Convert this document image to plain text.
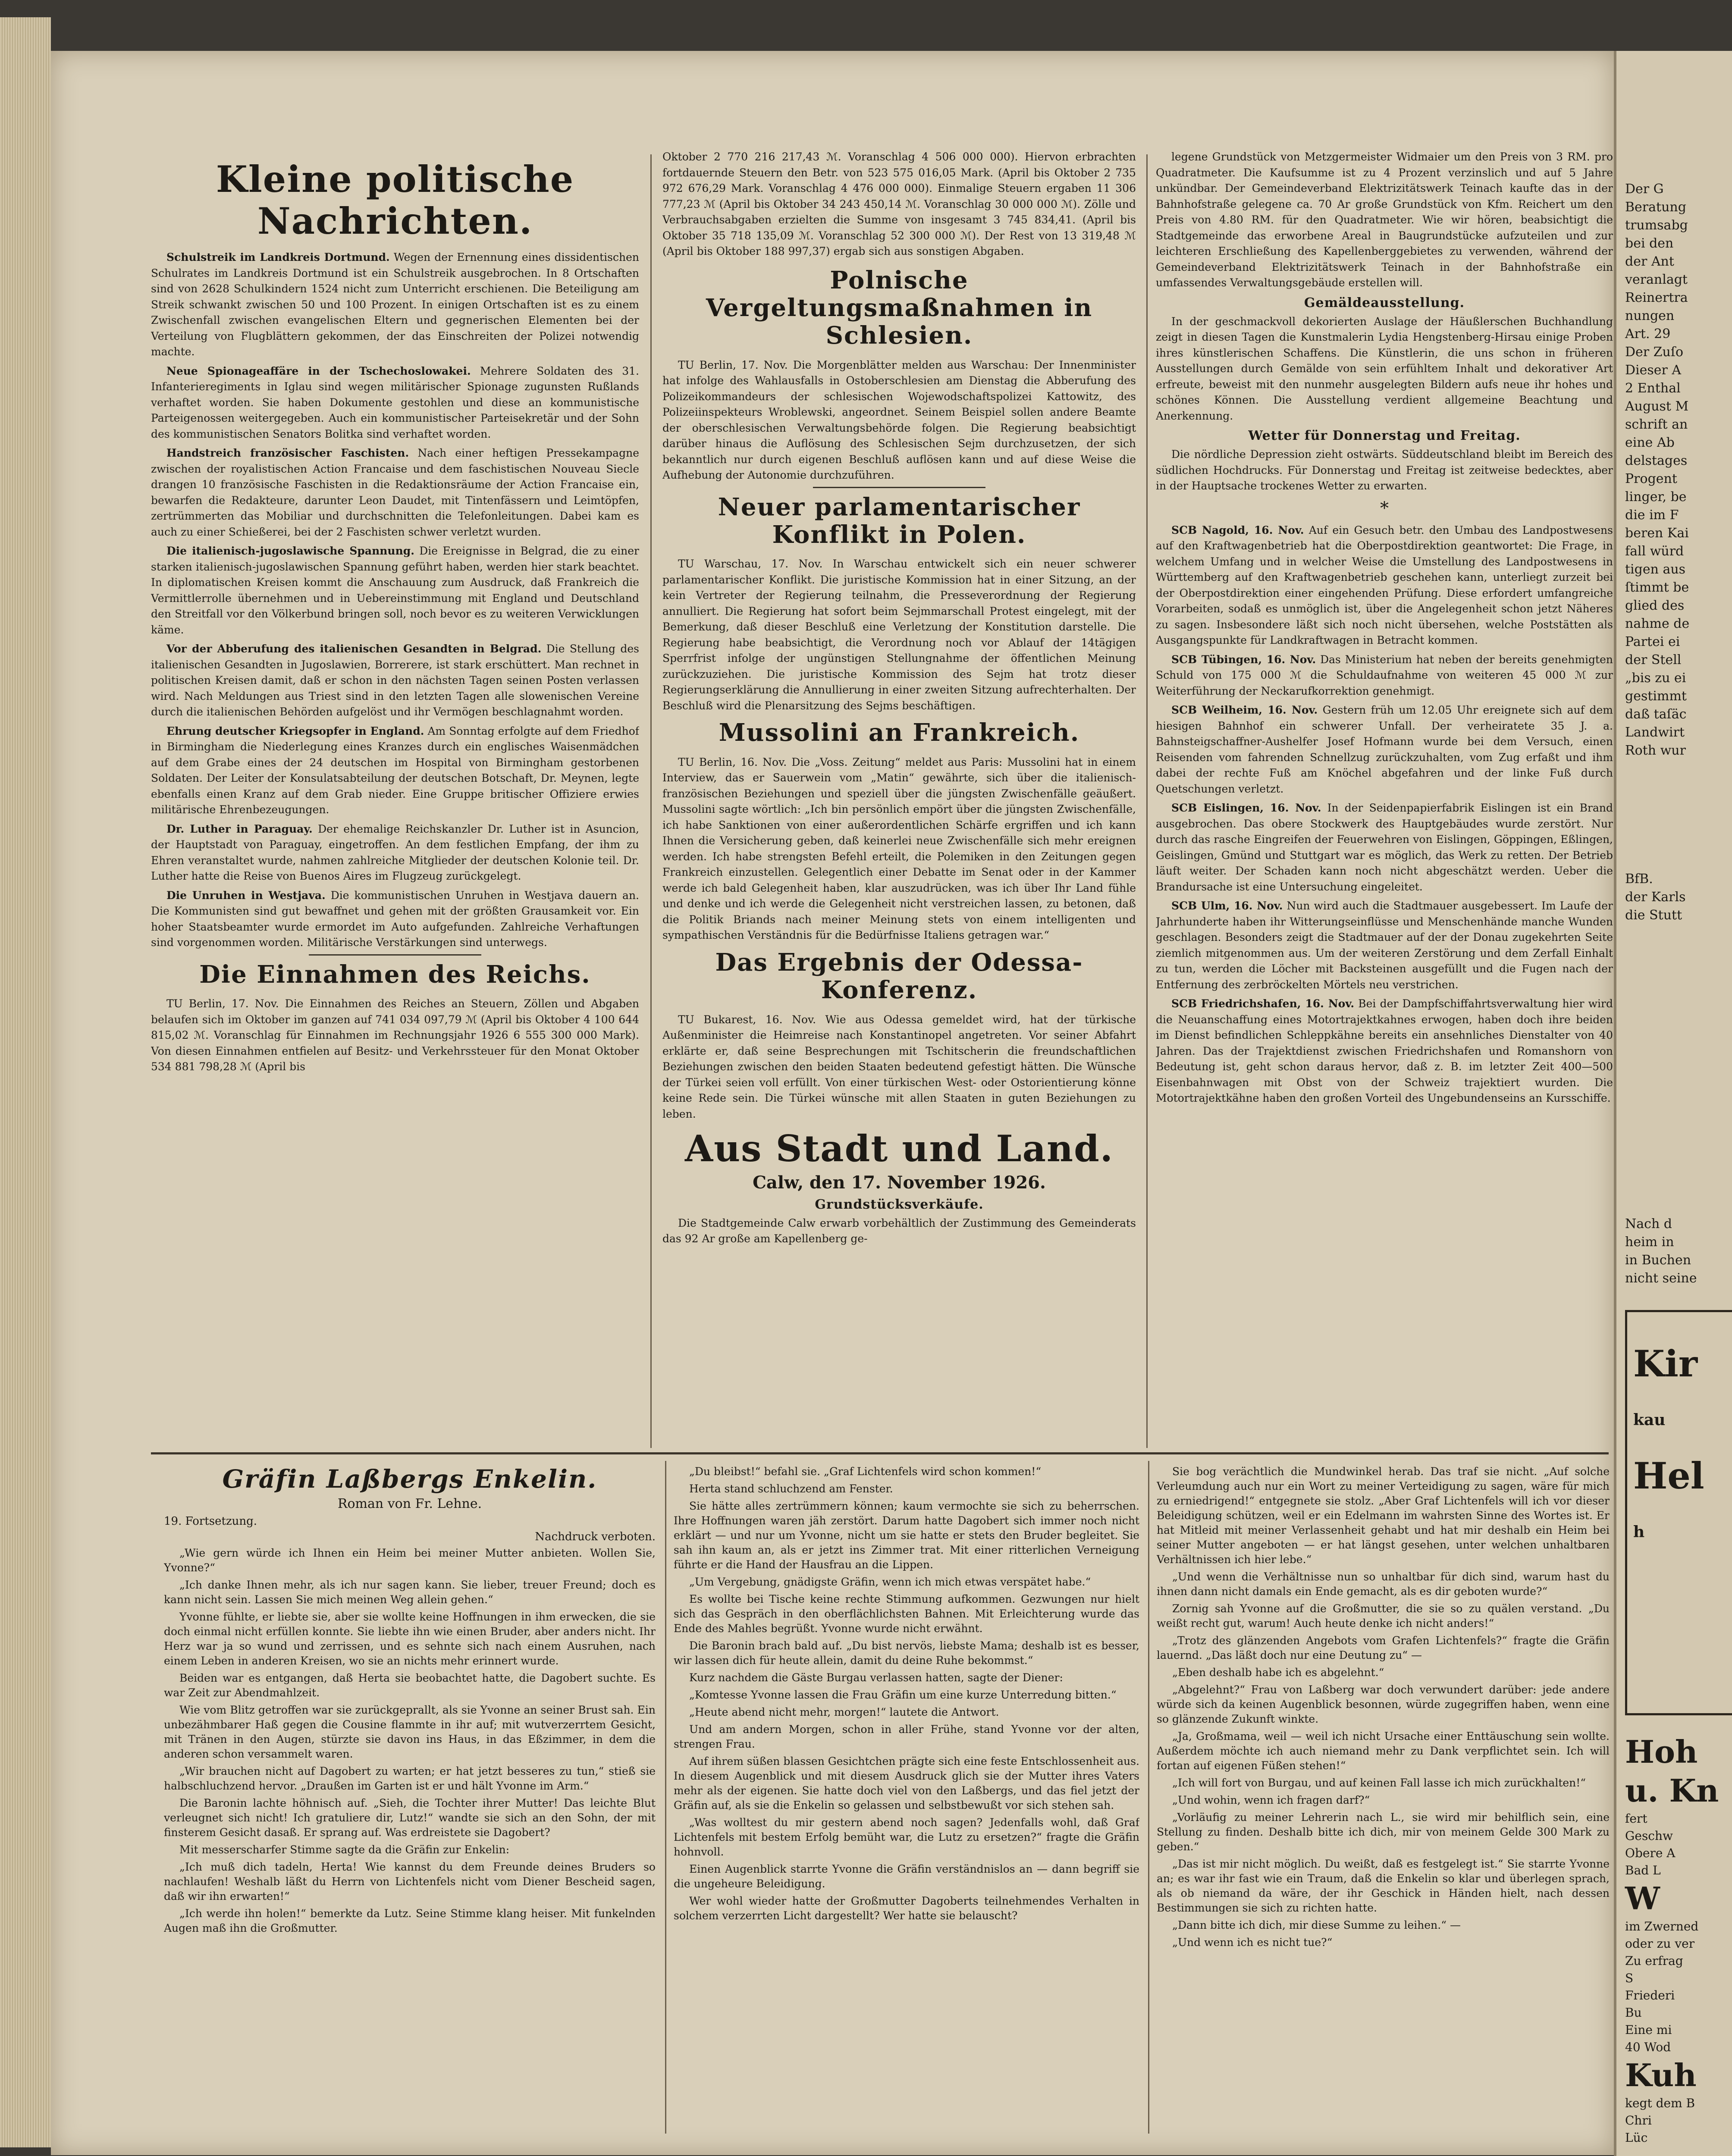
Kleine politische Nachrichten.

Schulstreik im Landkreis Dortmund. Wegen der Ernennung eines dissidentischen Schulrates im Landkreis Dortmund ist ein Schulstreik ausgebrochen. In 8 Ortschaften sind von 2628 Schulkindern 1524 nicht zum Unterricht erschienen. Die Beteiligung am Streik schwankt zwischen 50 und 100 Prozent. In einigen Ortschaften ist es zu einem Zwischenfall zwischen evangelischen Eltern und gegnerischen Elementen bei der Verteilung von Flugblättern gekommen, der das Einschreiten der Polizei notwendig machte.

Neue Spionageaffäre in der Tschechoslowakei. Mehrere Soldaten des 31. Infanterieregiments in Iglau sind wegen militärischer Spionage zugunsten Rußlands verhaftet worden. Sie haben Dokumente gestohlen und diese an kommunistische Parteigenossen weitergegeben. Auch ein kommunistischer Parteisekretär und der Sohn des kommunistischen Senators Bolitka sind verhaftet worden.

Handstreich französischer Faschisten. Nach einer heftigen Pressekampagne zwischen der royalistischen Action Francaise und dem faschistischen Nouveau Siecle drangen 10 französische Faschisten in die Redaktionsräume der Action Francaise ein, bewarfen die Redakteure, darunter Leon Daudet, mit Tintenfässern und Leimtöpfen, zertrümmerten das Mobiliar und durchschnitten die Telefonleitungen. Dabei kam es auch zu einer Schießerei, bei der 2 Faschisten schwer verletzt wurden.

Die italienisch-jugoslawische Spannung. Die Ereignisse in Belgrad, die zu einer starken italienisch-jugoslawischen Spannung geführt haben, werden hier stark beachtet. In diplomatischen Kreisen kommt die Anschauung zum Ausdruck, daß Frankreich die Vermittlerrolle übernehmen und in Uebereinstimmung mit England und Deutschland den Streitfall vor den Völkerbund bringen soll, noch bevor es zu weiteren Verwicklungen käme.

Vor der Abberufung des italienischen Gesandten in Belgrad. Die Stellung des italienischen Gesandten in Jugoslawien, Borrerere, ist stark erschüttert. Man rechnet in politischen Kreisen damit, daß er schon in den nächsten Tagen seinen Posten verlassen wird. Nach Meldungen aus Triest sind in den letzten Tagen alle slowenischen Vereine durch die italienischen Behörden aufgelöst und ihr Vermögen beschlagnahmt worden.

Ehrung deutscher Kriegsopfer in England. Am Sonntag erfolgte auf dem Friedhof in Birmingham die Niederlegung eines Kranzes durch ein englisches Waisenmädchen auf dem Grabe eines der 24 deutschen im Hospital von Birmingham gestorbenen Soldaten. Der Leiter der Konsulatsabteilung der deutschen Botschaft, Dr. Meynen, legte ebenfalls einen Kranz auf dem Grab nieder. Eine Gruppe britischer Offiziere erwies militärische Ehrenbezeugungen.

Dr. Luther in Paraguay. Der ehemalige Reichskanzler Dr. Luther ist in Asuncion, der Hauptstadt von Paraguay, eingetroffen. An dem festlichen Empfang, der ihm zu Ehren veranstaltet wurde, nahmen zahlreiche Mitglieder der deutschen Kolonie teil. Dr. Luther hatte die Reise von Buenos Aires im Flugzeug zurückgelegt.

Die Unruhen in Westjava. Die kommunistischen Unruhen in Westjava dauern an. Die Kommunisten sind gut bewaffnet und gehen mit der größten Grausamkeit vor. Ein hoher Staatsbeamter wurde ermordet im Auto aufgefunden. Zahlreiche Verhaftungen sind vorgenommen worden. Militärische Verstärkungen sind unterwegs.

Die Einnahmen des Reichs.

TU Berlin, 17. Nov. Die Einnahmen des Reiches an Steuern, Zöllen und Abgaben belaufen sich im Oktober im ganzen auf 741 034 097,79 ℳ (April bis Oktober 4 100 644 815,02 ℳ. Voranschlag für Einnahmen im Rechnungsjahr 1926 6 555 300 000 Mark). Von diesen Einnahmen entfielen auf Besitz- und Verkehrssteuer für den Monat Oktober 534 881 798,28 ℳ (April bis

Oktober 2 770 216 217,43 ℳ. Voranschlag 4 506 000 000). Hiervon erbrachten fortdauernde Steuern den Betr. von 523 575 016,05 Mark. (April bis Oktober 2 735 972 676,29 Mark. Voranschlag 4 476 000 000). Einmalige Steuern ergaben 11 306 777,23 ℳ (April bis Oktober 34 243 450,14 ℳ. Voranschlag 30 000 000 ℳ). Zölle und Verbrauchsabgaben erzielten die Summe von insgesamt 3 745 834,41. (April bis Oktober 35 718 135,09 ℳ. Voranschlag 52 300 000 ℳ). Der Rest von 13 319,48 ℳ (April bis Oktober 188 997,37) ergab sich aus sonstigen Abgaben.

Polnische Vergeltungsmaßnahmen in Schlesien.

TU Berlin, 17. Nov. Die Morgenblätter melden aus Warschau: Der Innenminister hat infolge des Wahlausfalls in Ostoberschlesien am Dienstag die Abberufung des Polizeikommandeurs der schlesischen Wojewodschaftspolizei Kattowitz, des Polizeiinspekteurs Wroblewski, angeordnet. Seinem Beispiel sollen andere Beamte der oberschlesischen Verwaltungsbehörde folgen. Die Regierung beabsichtigt darüber hinaus die Auflösung des Schlesischen Sejm durchzusetzen, der sich bekanntlich nur durch eigenen Beschluß auflösen kann und auf diese Weise die Aufhebung der Autonomie durchzuführen.

Neuer parlamentarischer Konflikt in Polen.

TU Warschau, 17. Nov. In Warschau entwickelt sich ein neuer schwerer parlamentarischer Konflikt. Die juristische Kommission hat in einer Sitzung, an der kein Vertreter der Regierung teilnahm, die Presseverordnung der Regierung annulliert. Die Regierung hat sofort beim Sejmmarschall Protest eingelegt, mit der Bemerkung, daß dieser Beschluß eine Verletzung der Konstitution darstelle. Die Regierung habe beabsichtigt, die Verordnung noch vor Ablauf der 14tägigen Sperrfrist infolge der ungünstigen Stellungnahme der öffentlichen Meinung zurückzuziehen. Die juristische Kommission des Sejm hat trotz dieser Regierungserklärung die Annullierung in einer zweiten Sitzung aufrechterhalten. Der Beschluß wird die Plenarsitzung des Sejms beschäftigen.

Mussolini an Frankreich.

TU Berlin, 16. Nov. Die „Voss. Zeitung“ meldet aus Paris: Mussolini hat in einem Interview, das er Sauerwein vom „Matin“ gewährte, sich über die italienisch-französischen Beziehungen und speziell über die jüngsten Zwischenfälle geäußert. Mussolini sagte wörtlich: „Ich bin persönlich empört über die jüngsten Zwischenfälle, ich habe Sanktionen von einer außerordentlichen Schärfe ergriffen und ich kann Ihnen die Versicherung geben, daß keinerlei neue Zwischenfälle sich mehr ereignen werden. Ich habe strengsten Befehl erteilt, die Polemiken in den Zeitungen gegen Frankreich einzustellen. Gelegentlich einer Debatte im Senat oder in der Kammer werde ich bald Gelegenheit haben, klar auszudrücken, was ich über Ihr Land fühle und denke und ich werde die Gelegenheit nicht verstreichen lassen, zu betonen, daß die Politik Briands nach meiner Meinung stets von einem intelligenten und sympathischen Verständnis für die Bedürfnisse Italiens getragen war.“

Das Ergebnis der Odessa-Konferenz.

TU Bukarest, 16. Nov. Wie aus Odessa gemeldet wird, hat der türkische Außenminister die Heimreise nach Konstantinopel angetreten. Vor seiner Abfahrt erklärte er, daß seine Besprechungen mit Tschitscherin die freundschaftlichen Beziehungen zwischen den beiden Staaten bedeutend gefestigt hätten. Die Wünsche der Türkei seien voll erfüllt. Von einer türkischen West- oder Ostorientierung könne keine Rede sein. Die Türkei wünsche mit allen Staaten in guten Beziehungen zu leben.

Aus Stadt und Land.
Calw, den 17. November 1926.
Grundstücksverkäufe.

Die Stadtgemeinde Calw erwarb vorbehältlich der Zustimmung des Gemeinderats das 92 Ar große am Kapellenberg ge-

legene Grundstück von Metzgermeister Widmaier um den Preis von 3 RM. pro Quadratmeter. Die Kaufsumme ist zu 4 Prozent verzinslich und auf 5 Jahre unkündbar. Der Gemeindeverband Elektrizitätswerk Teinach kaufte das in der Bahnhofstraße gelegene ca. 70 Ar große Grundstück von Kfm. Reichert um den Preis von 4.80 RM. für den Quadratmeter. Wie wir hören, beabsichtigt die Stadtgemeinde das erworbene Areal in Baugrundstücke aufzuteilen und zur leichteren Erschließung des Kapellenberggebietes zu verwenden, während der Gemeindeverband Elektrizitätswerk Teinach in der Bahnhofstraße ein umfassendes Verwaltungsgebäude erstellen will.

Gemäldeausstellung.

In der geschmackvoll dekorierten Auslage der Häußlerschen Buchhandlung zeigt in diesen Tagen die Kunstmalerin Lydia Hengstenberg-Hirsau einige Proben ihres künstlerischen Schaffens. Die Künstlerin, die uns schon in früheren Ausstellungen durch Gemälde von sein erfühltem Inhalt und dekorativer Art erfreute, beweist mit den nunmehr ausgelegten Bildern aufs neue ihr hohes und schönes Können. Die Ausstellung verdient allgemeine Beachtung und Anerkennung.

Wetter für Donnerstag und Freitag.

Die nördliche Depression zieht ostwärts. Süddeutschland bleibt im Bereich des südlichen Hochdrucks. Für Donnerstag und Freitag ist zeitweise bedecktes, aber in der Hauptsache trockenes Wetter zu erwarten.

*

SCB Nagold, 16. Nov. Auf ein Gesuch betr. den Umbau des Landpostwesens auf den Kraftwagenbetrieb hat die Oberpostdirektion geantwortet: Die Frage, in welchem Umfang und in welcher Weise die Umstellung des Landpostwesens in Württemberg auf den Kraftwagenbetrieb geschehen kann, unterliegt zurzeit bei der Oberpostdirektion einer eingehenden Prüfung. Diese erfordert umfangreiche Vorarbeiten, sodaß es unmöglich ist, über die Angelegenheit schon jetzt Näheres zu sagen. Insbesondere läßt sich noch nicht übersehen, welche Poststätten als Ausgangspunkte für Landkraftwagen in Betracht kommen.

SCB Tübingen, 16. Nov. Das Ministerium hat neben der bereits genehmigten Schuld von 175 000 ℳ die Schuldaufnahme von weiteren 45 000 ℳ zur Weiterführung der Neckarufkorrektion genehmigt.

SCB Weilheim, 16. Nov. Gestern früh um 12.05 Uhr ereignete sich auf dem hiesigen Bahnhof ein schwerer Unfall. Der verheiratete 35 J. a. Bahnsteigschaffner-Aushelfer Josef Hofmann wurde bei dem Versuch, einen Reisenden vom fahrenden Schnellzug zurückzuhalten, vom Zug erfaßt und ihm dabei der rechte Fuß am Knöchel abgefahren und der linke Fuß durch Quetschungen verletzt.

SCB Eislingen, 16. Nov. In der Seidenpapierfabrik Eislingen ist ein Brand ausgebrochen. Das obere Stockwerk des Hauptgebäudes wurde zerstört. Nur durch das rasche Eingreifen der Feuerwehren von Eislingen, Göppingen, Eßlingen, Geislingen, Gmünd und Stuttgart war es möglich, das Werk zu retten. Der Betrieb läuft weiter. Der Schaden kann noch nicht abgeschätzt werden. Ueber die Brandursache ist eine Untersuchung eingeleitet.

SCB Ulm, 16. Nov. Nun wird auch die Stadtmauer ausgebessert. Im Laufe der Jahrhunderte haben ihr Witterungseinflüsse und Menschenhände manche Wunden geschlagen. Besonders zeigt die Stadtmauer auf der der Donau zugekehrten Seite ziemlich mitgenommen aus. Um der weiteren Zerstörung und dem Zerfall Einhalt zu tun, werden die Löcher mit Backsteinen ausgefüllt und die Fugen nach der Entfernung des zerbröckelten Mörtels neu verstrichen.

SCB Friedrichshafen, 16. Nov. Bei der Dampfschiffahrtsverwaltung hier wird die Neuanschaffung eines Motortrajektkahnes erwogen, haben doch ihre beiden im Dienst befindlichen Schleppkähne bereits ein ansehnliches Dienstalter von 40 Jahren. Das der Trajektdienst zwischen Friedrichshafen und Romanshorn von Bedeutung ist, geht schon daraus hervor, daß z. B. im letzter Zeit 400—500 Eisenbahnwagen mit Obst von der Schweiz trajektiert wurden. Die Motortrajektkähne haben den großen Vorteil des Ungebundenseins an Kursschiffe.

Gräfin Laßbergs Enkelin.
Roman von Fr. Lehne.
19. Fortsetzung.
Nachdruck verboten.

„Wie gern würde ich Ihnen ein Heim bei meiner Mutter anbieten. Wollen Sie, Yvonne?“

„Ich danke Ihnen mehr, als ich nur sagen kann. Sie lieber, treuer Freund; doch es kann nicht sein. Lassen Sie mich meinen Weg allein gehen.“

Yvonne fühlte, er liebte sie, aber sie wollte keine Hoffnungen in ihm erwecken, die sie doch einmal nicht erfüllen konnte. Sie liebte ihn wie einen Bruder, aber anders nicht. Ihr Herz war ja so wund und zerrissen, und es sehnte sich nach einem Ausruhen, nach einem Leben in anderen Kreisen, wo sie an nichts mehr erinnert wurde.

Beiden war es entgangen, daß Herta sie beobachtet hatte, die Dagobert suchte. Es war Zeit zur Abendmahlzeit.

Wie vom Blitz getroffen war sie zurückgeprallt, als sie Yvonne an seiner Brust sah. Ein unbezähmbarer Haß gegen die Cousine flammte in ihr auf; mit wutverzerrtem Gesicht, mit Tränen in den Augen, stürzte sie davon ins Haus, in das Eßzimmer, in dem die anderen schon versammelt waren.

„Wir brauchen nicht auf Dagobert zu warten; er hat jetzt besseres zu tun,“ stieß sie halbschluchzend hervor. „Draußen im Garten ist er und hält Yvonne im Arm.“

Die Baronin lachte höhnisch auf. „Sieh, die Tochter ihrer Mutter! Das leichte Blut verleugnet sich nicht! Ich gratuliere dir, Lutz!“ wandte sie sich an den Sohn, der mit finsterem Gesicht dasaß. Er sprang auf. Was erdreistete sie Dagobert?

Mit messerscharfer Stimme sagte da die Gräfin zur Enkelin:

„Ich muß dich tadeln, Herta! Wie kannst du dem Freunde deines Bruders so nachlaufen! Weshalb läßt du Herrn von Lichtenfels nicht vom Diener Bescheid sagen, daß wir ihn erwarten!“

„Ich werde ihn holen!“ bemerkte da Lutz. Seine Stimme klang heiser. Mit funkelnden Augen maß ihn die Großmutter.

„Du bleibst!“ befahl sie. „Graf Lichtenfels wird schon kommen!“

Herta stand schluchzend am Fenster.

Sie hätte alles zertrümmern können; kaum vermochte sie sich zu beherrschen. Ihre Hoffnungen waren jäh zerstört. Darum hatte Dagobert sich immer noch nicht erklärt — und nur um Yvonne, nicht um sie hatte er stets den Bruder begleitet. Sie sah ihn kaum an, als er jetzt ins Zimmer trat. Mit einer ritterlichen Verneigung führte er die Hand der Hausfrau an die Lippen.

„Um Vergebung, gnädigste Gräfin, wenn ich mich etwas verspätet habe.“

Es wollte bei Tische keine rechte Stimmung aufkommen. Gezwungen nur hielt sich das Gespräch in den oberflächlichsten Bahnen. Mit Erleichterung wurde das Ende des Mahles begrüßt. Yvonne wurde nicht erwähnt.

Die Baronin brach bald auf. „Du bist nervös, liebste Mama; deshalb ist es besser, wir lassen dich für heute allein, damit du deine Ruhe bekommst.“

Kurz nachdem die Gäste Burgau verlassen hatten, sagte der Diener:

„Komtesse Yvonne lassen die Frau Gräfin um eine kurze Unterredung bitten.“

„Heute abend nicht mehr, morgen!“ lautete die Antwort.

Und am andern Morgen, schon in aller Frühe, stand Yvonne vor der alten, strengen Frau.

Auf ihrem süßen blassen Gesichtchen prägte sich eine feste Entschlossenheit aus. In diesem Augenblick und mit diesem Ausdruck glich sie der Mutter ihres Vaters mehr als der eigenen. Sie hatte doch viel von den Laßbergs, und das fiel jetzt der Gräfin auf, als sie die Enkelin so gelassen und selbstbewußt vor sich stehen sah.

„Was wolltest du mir gestern abend noch sagen? Jedenfalls wohl, daß Graf Lichtenfels mit bestem Erfolg bemüht war, die Lutz zu ersetzen?“ fragte die Gräfin hohnvoll.

Einen Augenblick starrte Yvonne die Gräfin verständnislos an — dann begriff sie die ungeheure Beleidigung.

Wer wohl wieder hatte der Großmutter Dagoberts teilnehmendes Verhalten in solchem verzerrten Licht dargestellt? Wer hatte sie belauscht?

Sie bog verächtlich die Mundwinkel herab. Das traf sie nicht. „Auf solche Verleumdung auch nur ein Wort zu meiner Verteidigung zu sagen, wäre für mich zu erniedrigend!“ entgegnete sie stolz. „Aber Graf Lichtenfels will ich vor dieser Beleidigung schützen, weil er ein Edelmann im wahrsten Sinne des Wortes ist. Er hat Mitleid mit meiner Verlassenheit gehabt und hat mir deshalb ein Heim bei seiner Mutter angeboten — er hat längst gesehen, unter welchen unhaltbaren Verhältnissen ich hier lebe.“

„Und wenn die Verhältnisse nun so unhaltbar für dich sind, warum hast du ihnen dann nicht damals ein Ende gemacht, als es dir geboten wurde?“

Zornig sah Yvonne auf die Großmutter, die sie so zu quälen verstand. „Du weißt recht gut, warum! Auch heute denke ich nicht anders!“

„Trotz des glänzenden Angebots vom Grafen Lichtenfels?“ fragte die Gräfin lauernd. „Das läßt doch nur eine Deutung zu“ —

„Eben deshalb habe ich es abgelehnt.“

„Abgelehnt?“ Frau von Laßberg war doch verwundert darüber: jede andere würde sich da keinen Augenblick besonnen, würde zugegriffen haben, wenn eine so glänzende Zukunft winkte.

„Ja, Großmama, weil — weil ich nicht Ursache einer Enttäuschung sein wollte. Außerdem möchte ich auch niemand mehr zu Dank verpflichtet sein. Ich will fortan auf eigenen Füßen stehen!“

„Ich will fort von Burgau, und auf keinen Fall lasse ich mich zurückhalten!“

„Und wohin, wenn ich fragen darf?“

„Vorläufig zu meiner Lehrerin nach L., sie wird mir behilflich sein, eine Stellung zu finden. Deshalb bitte ich dich, mir von meinem Gelde 300 Mark zu geben.“

„Das ist mir nicht möglich. Du weißt, daß es festgelegt ist.“ Sie starrte Yvonne an; es war ihr fast wie ein Traum, daß die Enkelin so klar und überlegen sprach, als ob niemand da wäre, der ihr Geschick in Händen hielt, nach dessen Bestimmungen sie sich zu richten hatte.

„Dann bitte ich dich, mir diese Summe zu leihen.“ —

„Und wenn ich es nicht tue?“

Der G
Beratung
trumsabg
bei den
der Ant
veranlagt
Reinertra
nungen
Art. 29
Der Zuſo
Dieser A
2 Enthal
August M
schrift an
eine Ab
delstages
Progent
linger, be
die im F
beren Kai
fall würd
tigen aus
ſtimmt be
glied des
nahme de
Partei ei
der Stell
„bis zu ei
gestimmt
daß taſäc
Landwirt
Roth wur
BfB.
der Karls
die Stutt
Nach d
heim in
in Buchen
nicht seine
Kir
kau
Hel
h
Hoh
u. Kn
fert
Geschw
Obere A
Bad L
W
im Zwerned
oder zu ver
Zu erfrag
S
Friederi
Bu
Eine mi
40 Wod
Kuh
kegt dem B
Chri
Lüc
